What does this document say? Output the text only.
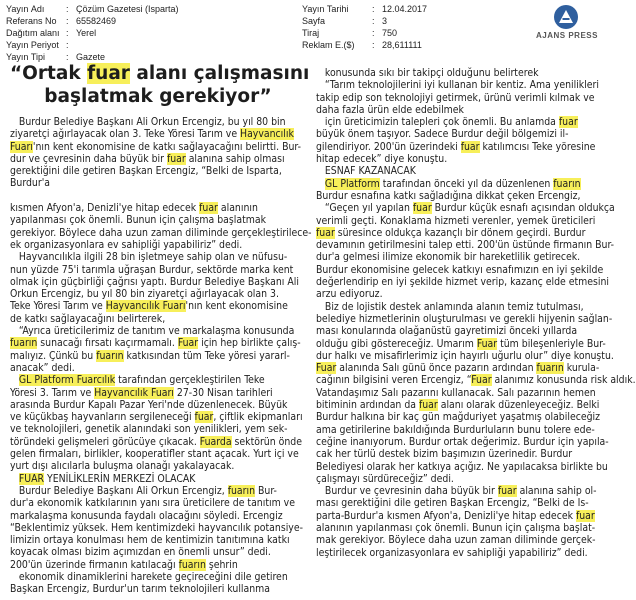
Yayın Adı	: Çözüm Gazetesi (Isparta)
Referans No	: 65582469
Dağıtım alanı : Yerel
Yayın Periyot :
Yayın Tipi	: Gazete
Yayın Tarihi	: 12.04.2017
Sayfa	: 3
Tiraj	: 750
Reklam E.($)	: 28,611111
AJANS PRESS
“Ortak fuar alanı çalışmasını
başlatmak gerekiyor”

Burdur Belediye Başkanı Ali Orkun Ercengiz, bu yıl 80 bin

ziyaretçi ağırlayacak olan 3. Teke Yöresi Tarım ve Hayvancılık

Fuarı'nın kent ekonomisine de katkı sağlayacağını belirtti. Bur-

dur ve çevresinin daha büyük bir fuar alanına sahip olması

gerektiğini dile getiren Başkan Ercengiz, “Belki de Isparta,

Burdur'a

kısmen Afyon'a, Denizli'ye hitap edecek fuar alanının

yapılanması çok önemli. Bunun için çalışma başlatmak

gerekiyor. Böylece daha uzun zaman diliminde gerçekleştirilece-

ek organizasyonlara ev sahipliği yapabiliriz” dedi.

Hayvancılıkla ilgili 28 bin işletmeye sahip olan ve nüfusu-

nun yüzde 75'i tarımla uğraşan Burdur, sektörde marka kent

olmak için güçbirliği çağrısı yaptı. Burdur Belediye Başkanı Ali

Orkun Ercengiz, bu yıl 80 bin ziyaretçi ağırlayacak olan 3.

Teke Yöresi Tarım ve Hayvancılık Fuarı'nın kent ekonomisine

de katkı sağlayacağını belirterek,

“Ayrıca üreticilerimiz de tanıtım ve markalaşma konusunda

fuarın sunacağı fırsatı kaçırmamalı. Fuar için hep birlikte çalış-

malıyız. Çünkü bu fuarın katkısından tüm Teke yöresi yararl-

anacak” dedi.

GL Platform Fuarcılık tarafından gerçekleştirilen Teke

Yöresi 3. Tarım ve Hayvancılık Fuarı 27-30 Nisan tarihleri

arasında Burdur Kapalı Pazar Yeri'nde düzenlenecek. Büyük

ve küçükbaş hayvanların sergileneceği fuar, çiftlik ekipmanları

ve teknolojileri, genetik alanındaki son yenilikleri, yem sek-

töründeki gelişmeleri görücüye çıkacak. Fuarda sektörün önde

gelen firmaları, birlikler, kooperatifler stant açacak. Yurt içi ve

yurt dışı alıcılarla buluşma olanağı yakalayacak.

FUAR YENİLİKLERİN MERKEZİ OLACAK

Burdur Belediye Başkanı Ali Orkun Ercengiz, fuarın Bur-

dur'a ekonomik katkılarının yanı sıra üreticilere de tanıtım ve

markalaşma konusunda faydalı olacağını söyledi. Ercengiz

“Beklentimiz yüksek. Hem kentimizdeki hayvancılık potansiye-

limizin ortaya konulması hem de kentimizin tanıtımına katkı

koyacak olması bizim açımızdan en önemli unsur” dedi.

200'ün üzerinde firmanın katılacağı fuarın şehrin

ekonomik dinamiklerini harekete geçireceğini dile getiren

Başkan Ercengiz, Burdur'un tarım teknolojileri kullanma

konusunda sıkı bir takipçi olduğunu belirterek

“Tarım teknolojilerini iyi kullanan bir kentiz. Ama yenilikleri

takip edip son teknolojiyi getirmek, ürünü verimli kılmak ve

daha fazla ürün elde edebilmek

için üreticimizin talepleri çok önemli. Bu anlamda fuar

büyük önem taşıyor. Sadece Burdur değil bölgemizi il-

gilendiriyor. 200'ün üzerindeki fuar katılımcısı Teke yöresine

hitap edecek” diye konuştu.

ESNAF KAZANACAK

GL Platform tarafından önceki yıl da düzenlenen fuarın

Burdur esnafına katkı sağladığına dikkat çeken Ercengiz,

“Geçen yıl yapılan fuar Burdur küçük esnafı açısından oldukça

verimli geçti. Konaklama hizmeti verenler, yemek üreticileri

fuar süresince oldukça kazançlı bir dönem geçirdi. Burdur

devamının getirilmesini talep etti. 200'ün üstünde firmanın Bur-

dur'a gelmesi ilimize ekonomik bir hareketlilik getirecek.

Burdur ekonomisine gelecek katkıyı esnafımızın en iyi şekilde

değerlendirip en iyi şekilde hizmet verip, kazanç elde etmesini

arzu ediyoruz.

Biz de lojistik destek anlamında alanın temiz tutulması,

belediye hizmetlerinin oluşturulması ve gerekli hijyenin sağlan-

ması konularında olağanüstü gayretimizi önceki yıllarda

olduğu gibi göstereceğiz. Umarım Fuar tüm bileşenleriyle Bur-

dur halkı ve misafirlerimiz için hayırlı uğurlu olur” diye konuştu.

Fuar alanında Salı günü önce pazarın ardından fuarın kurula-

cağının bilgisini veren Ercengiz, “Fuar alanımız konusunda risk aldık.

Vatandaşımız Salı pazarını kullanacak. Salı pazarının hemen

bitiminin ardından da fuar alanı olarak düzenleyeceğiz. Belki

Burdur halkına bir kaç gün mağduriyet yaşatmış olabileceğiz

ama getirilerine bakıldığında Burdurluların bunu tolere ede-

ceğine inanıyorum. Burdur ortak değerimiz. Burdur için yapıla-

cak her türlü destek bizim başımızın üzerinedir. Burdur

Belediyesi olarak her katkıya açığız. Ne yapılacaksa birlikte bu

çalışmayı sürdüreceğiz” dedi.

Burdur ve çevresinin daha büyük bir fuar alanına sahip ol-

ması gerektiğini dile getiren Başkan Ercengiz, “Belki de Is-

parta-Burdur'a kısmen Afyon'a, Denizli'ye hitap edecek fuar

alanının yapılanması çok önemli. Bunun için çalışma başlat-

mak gerekiyor. Böylece daha uzun zaman diliminde gerçek-

leştirilecek organizasyonlara ev sahipliği yapabiliriz” dedi.
